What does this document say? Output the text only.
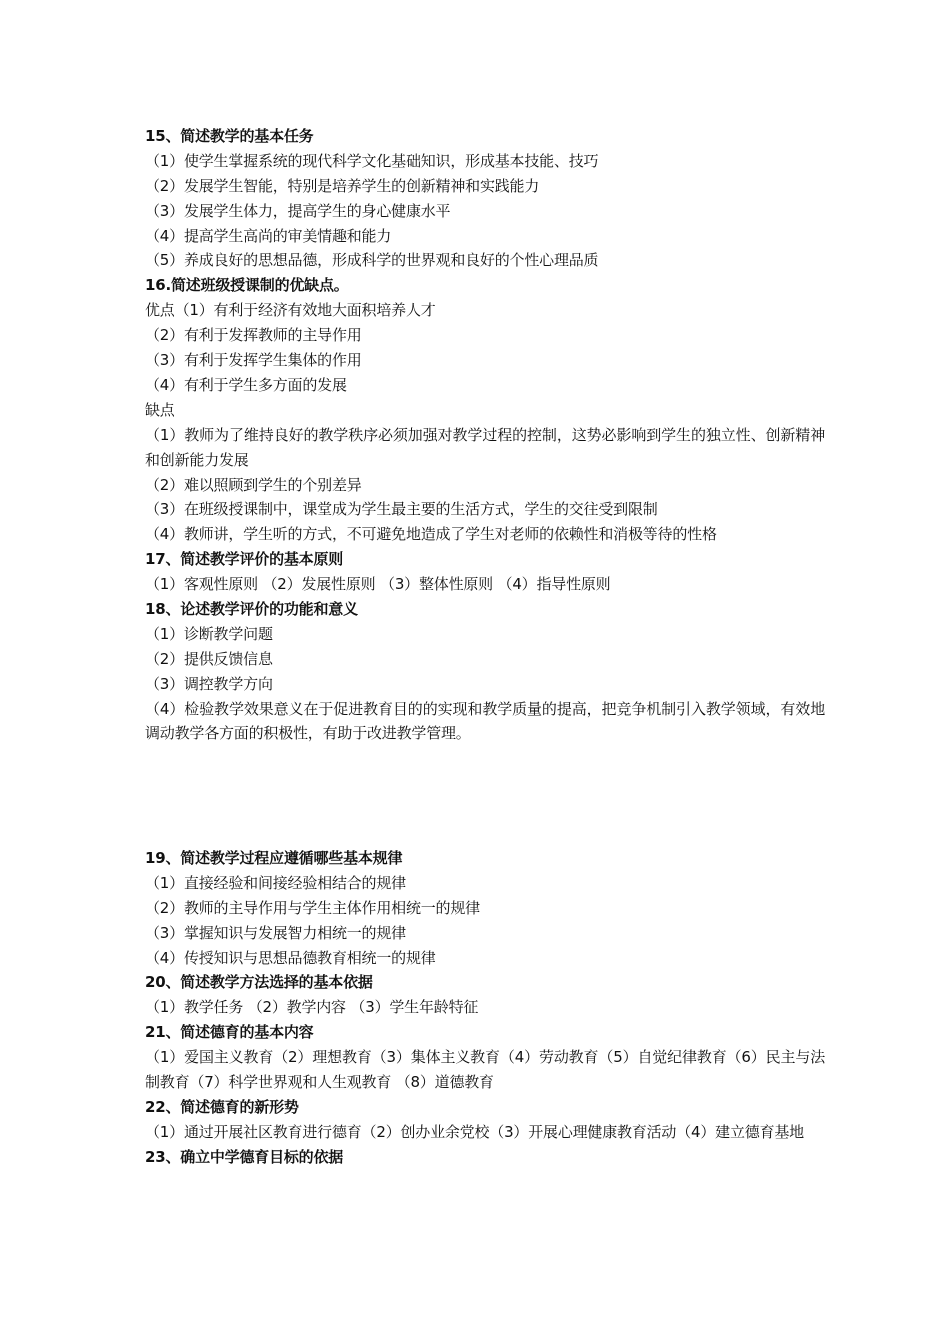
15、简述教学的基本任务
（1）使学生掌握系统的现代科学文化基础知识，形成基本技能、技巧
（2）发展学生智能，特别是培养学生的创新精神和实践能力
（3）发展学生体力，提高学生的身心健康水平
（4）提高学生高尚的审美情趣和能力
（5）养成良好的思想品德，形成科学的世界观和良好的个性心理品质
16.简述班级授课制的优缺点。
优点（1）有利于经济有效地大面积培养人才
（2）有利于发挥教师的主导作用
（3）有利于发挥学生集体的作用
（4）有利于学生多方面的发展
缺点
（1）教师为了维持良好的教学秩序必须加强对教学过程的控制，这势必影响到学生的独立性、创新精神和创新能力发展
（2）难以照顾到学生的个别差异
（3）在班级授课制中，课堂成为学生最主要的生活方式，学生的交往受到限制
（4）教师讲，学生听的方式，不可避免地造成了学生对老师的依赖性和消极等待的性格
17、简述教学评价的基本原则
（1）客观性原则 （2）发展性原则 （3）整体性原则 （4）指导性原则
18、论述教学评价的功能和意义
（1）诊断教学问题
（2）提供反馈信息
（3）调控教学方向
（4）检验教学效果意义在于促进教育目的的实现和教学质量的提高，把竞争机制引入教学领域，有效地调动教学各方面的积极性，有助于改进教学管理。
19、简述教学过程应遵循哪些基本规律
（1）直接经验和间接经验相结合的规律
（2）教师的主导作用与学生主体作用相统一的规律
（3）掌握知识与发展智力相统一的规律
（4）传授知识与思想品德教育相统一的规律
20、简述教学方法选择的基本依据
（1）教学任务 （2）教学内容 （3）学生年龄特征
21、简述德育的基本内容
（1）爱国主义教育（2）理想教育（3）集体主义教育（4）劳动教育（5）自觉纪律教育（6）民主与法制教育（7）科学世界观和人生观教育 （8）道德教育
22、简述德育的新形势
（1）通过开展社区教育进行德育（2）创办业余党校（3）开展心理健康教育活动（4）建立德育基地
23、确立中学德育目标的依据
